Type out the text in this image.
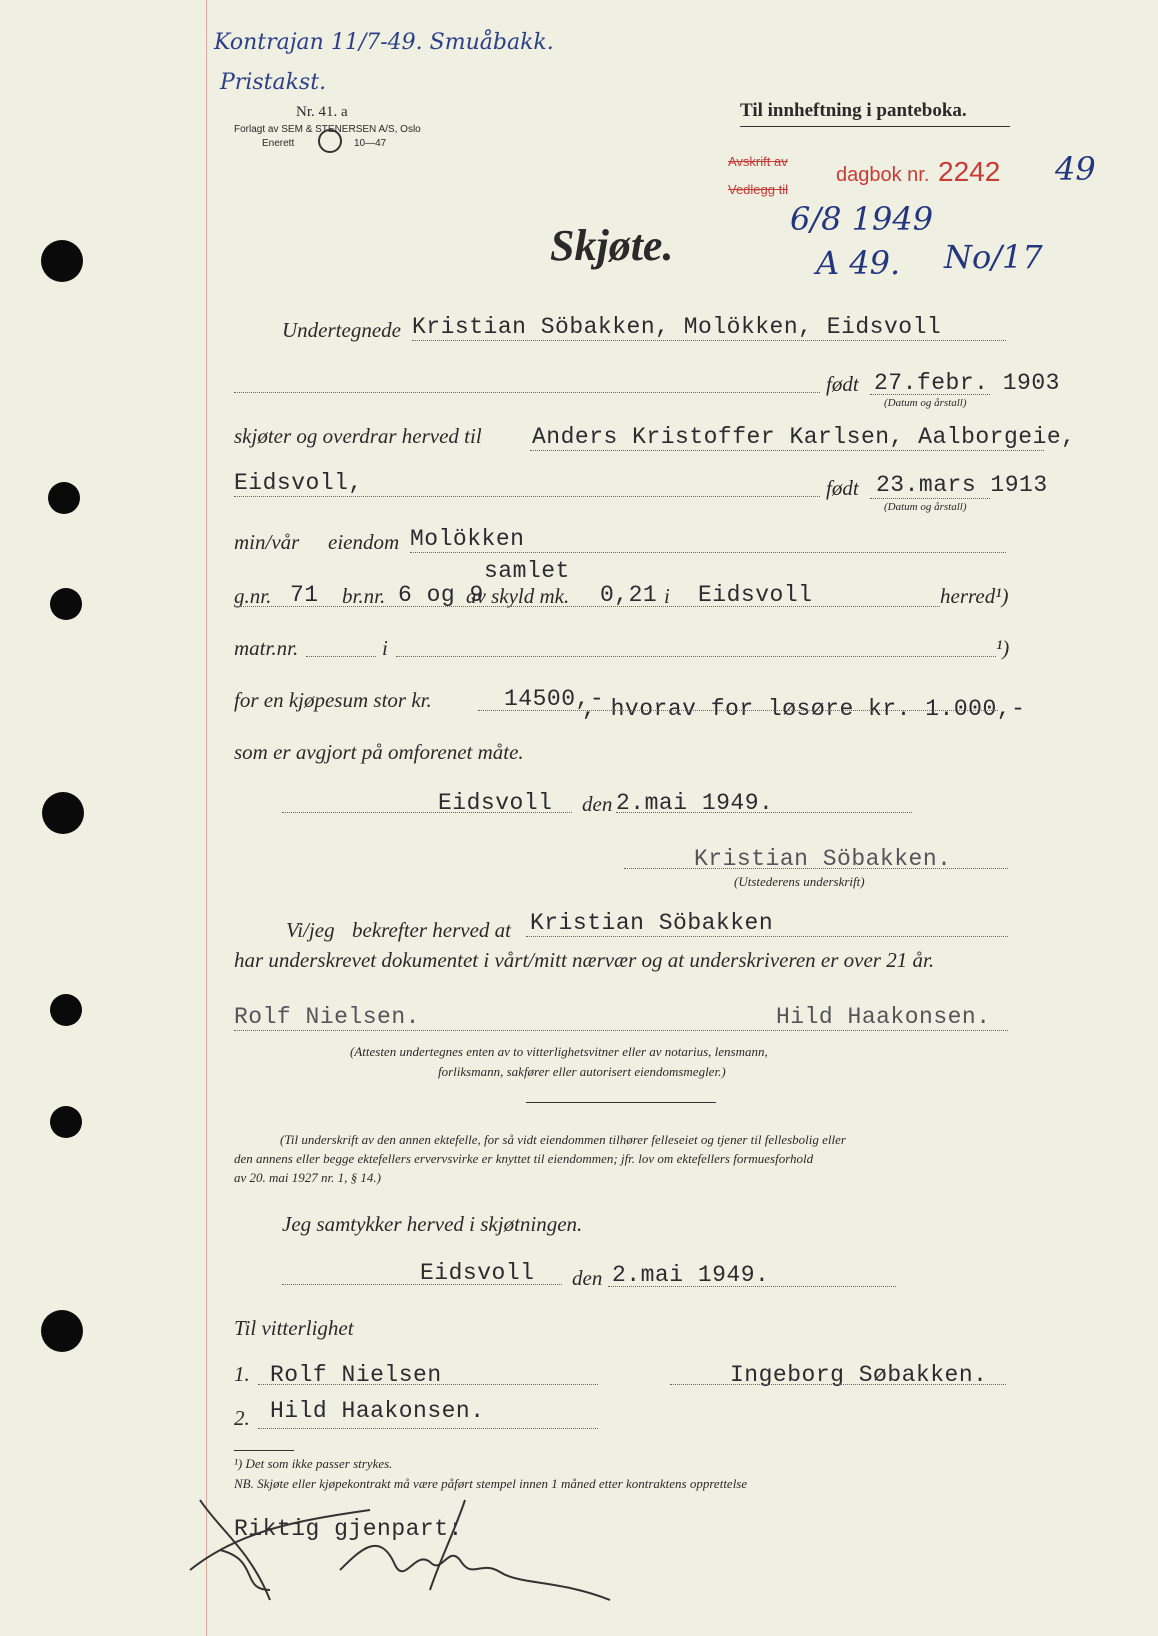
Kontrajan 11/7-49. Smuåbakk.
Pristakst.
Nr. 41. a
Forlagt av SEM & STENERSEN A/S, Oslo
Enerett	10—47
Til innheftning i panteboka.
Avskrift av
Vedlegg til
dagbok nr. 2242 49
6/8 1949
A 49. No/17
Skjøte.
Undertegnede Kristian Söbakken, Molökken, Eidsvoll
født 27.febr. 1903
(Datum og årstall)
skjøter og overdrar herved til Anders Kristoffer Karlsen, Aalborgeie,
Eidsvoll,	født 23.mars 1913
(Datum og årstall)
min/vår eiendom Molökken
samlet
g.nr. 71 br.nr. 6 og 9
av skyld mk. 0,21 i Eidsvoll	herred¹)
matr.nr.	i	¹)
for en kjøpesum stor kr.	14500,-
, hvorav for løsøre kr. 1.000,-
som er avgjort på omforenet måte.
Eidsvoll den 2.mai 1949.
Kristian Söbakken.
(Utstederens underskrift)
Vi/jeg bekrefter herved at Kristian Söbakken
har underskrevet dokumentet i vårt/mitt nærvær og at underskriveren er over 21 år.
Rolf Nielsen.	Hild Haakonsen.
(Attesten undertegnes enten av to vitterlighetsvitner eller av notarius, lensmann,
forliksmann, sakfører eller autorisert eiendomsmegler.)
(Til underskrift av den annen ektefelle, for så vidt eiendommen tilhører felleseiet og tjener til fellesbolig eller
den annens eller begge ektefellers ervervsvirke er knyttet til eiendommen; jfr. lov om ektefellers formuesforhold
av 20. mai 1927 nr. 1, § 14.)
Jeg samtykker herved i skjøtningen.
Eidsvoll den 2.mai 1949.
Til vitterlighet
1. Rolf Nielsen	Ingeborg Søbakken.
2. Hild Haakonsen.
¹) Det som ikke passer strykes.
NB. Skjøte eller kjøpekontrakt må være påført stempel innen 1 måned etter kontraktens opprettelse
Riktig gjenpart:
